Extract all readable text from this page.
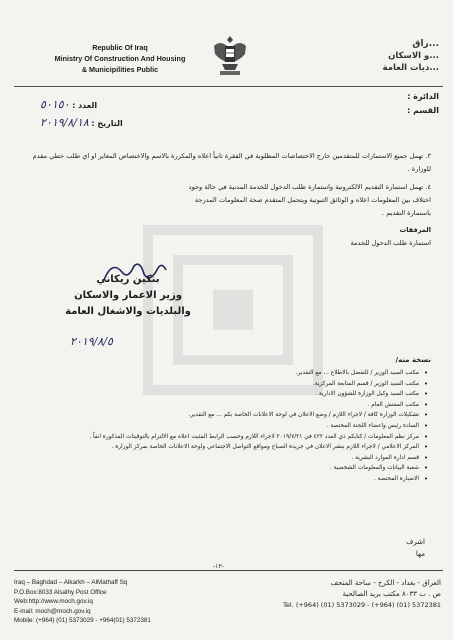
Republic Of Iraq
Ministry Of Construction And Housing
& Municipilities Public
...راق
...و الاسكان
...ديات العامة
الدائرة :
القسم :
العدد : ٥٠١٥٠
التاريخ : ٢٠١٩/٨/١٨

٣. تهمل جميع الاستمارات للمتقدمين خارج الاختصاصات المطلوبة في الفقرة ثانياً اعلاه والمكررة بالاسم والاختصاص المغاير او اي طلب خطي مقدم للوزارة .

٤. تهمل استمارة التقديم الالكترونية واستمارة طلب الدخول للخدمة المدنية في حالة وجود

اختلاف بين المعلومات اعلاه و الوثائق الثبوتية ويتحمل المتقدم صحة المعلومات المدرجة

باستمارة التقديم .

المرفقات

استمارة طلب الدخول للخدمة

بنكين ريكاني
وزير الاعمار والاسكان
والبلديات والاشغال العامة
٢٠١٩/٨/٥
نسخة منه/
• مكتب السيد الوزير / للتفضل بالاطلاع ... مع التقدير.
• مكتب السيد الوزير / قسم المتابعة المركزية.
• مكتب السيد وكيل الوزارة للشؤون الادارية .
• مكتب المفتش العام .
• تشكيلات الوزارة كافة / لاجراء اللازم / وضع الاعلان في لوحة الاعلانات الخاصة بكم ... مع التقدير.
• السادة رئيس واعضاء اللجنة المختصة .
• مركز نظم المعلومات / كتابكم ذي العدد ٤٢٢ في ٢٠١٩/٧/٢١ لاجراء اللازم وحسب الرابط المثبت اعلاه مع الالتزام بالتوقيتات المذكورة انفاً .
• المركز الاعلامي / لاجراء اللازم بنشر الاعلان في جريدة الصباح ومواقع التواصل الاجتماعي ولوحة الاعلانات الخاصة بمركز الوزارة .
• قسم ادارة الموارد البشرية .
• شعبة البيانات والمعلومات الشخصية .
• الاضبارة المختصة .
اشرف
مها
-١٣-
Iraq – Baghdad – Alkarkh – AlMathaff Sq
P.O.Box:8033 Alsalhy Post Office
Web:http://www.moch.gov.iq
E-mail: moch@moch.gov.iq
Mobile: (+964) (01) 5373029 - +964(01) 5372381
العراق - بغداد - الكرخ - ساحة المتحف
ص . ب ٨٠٣٣ مكتب بريد الصالحية
Tel. (+964) (01) 5373029 - (+964) (01) 5372381
